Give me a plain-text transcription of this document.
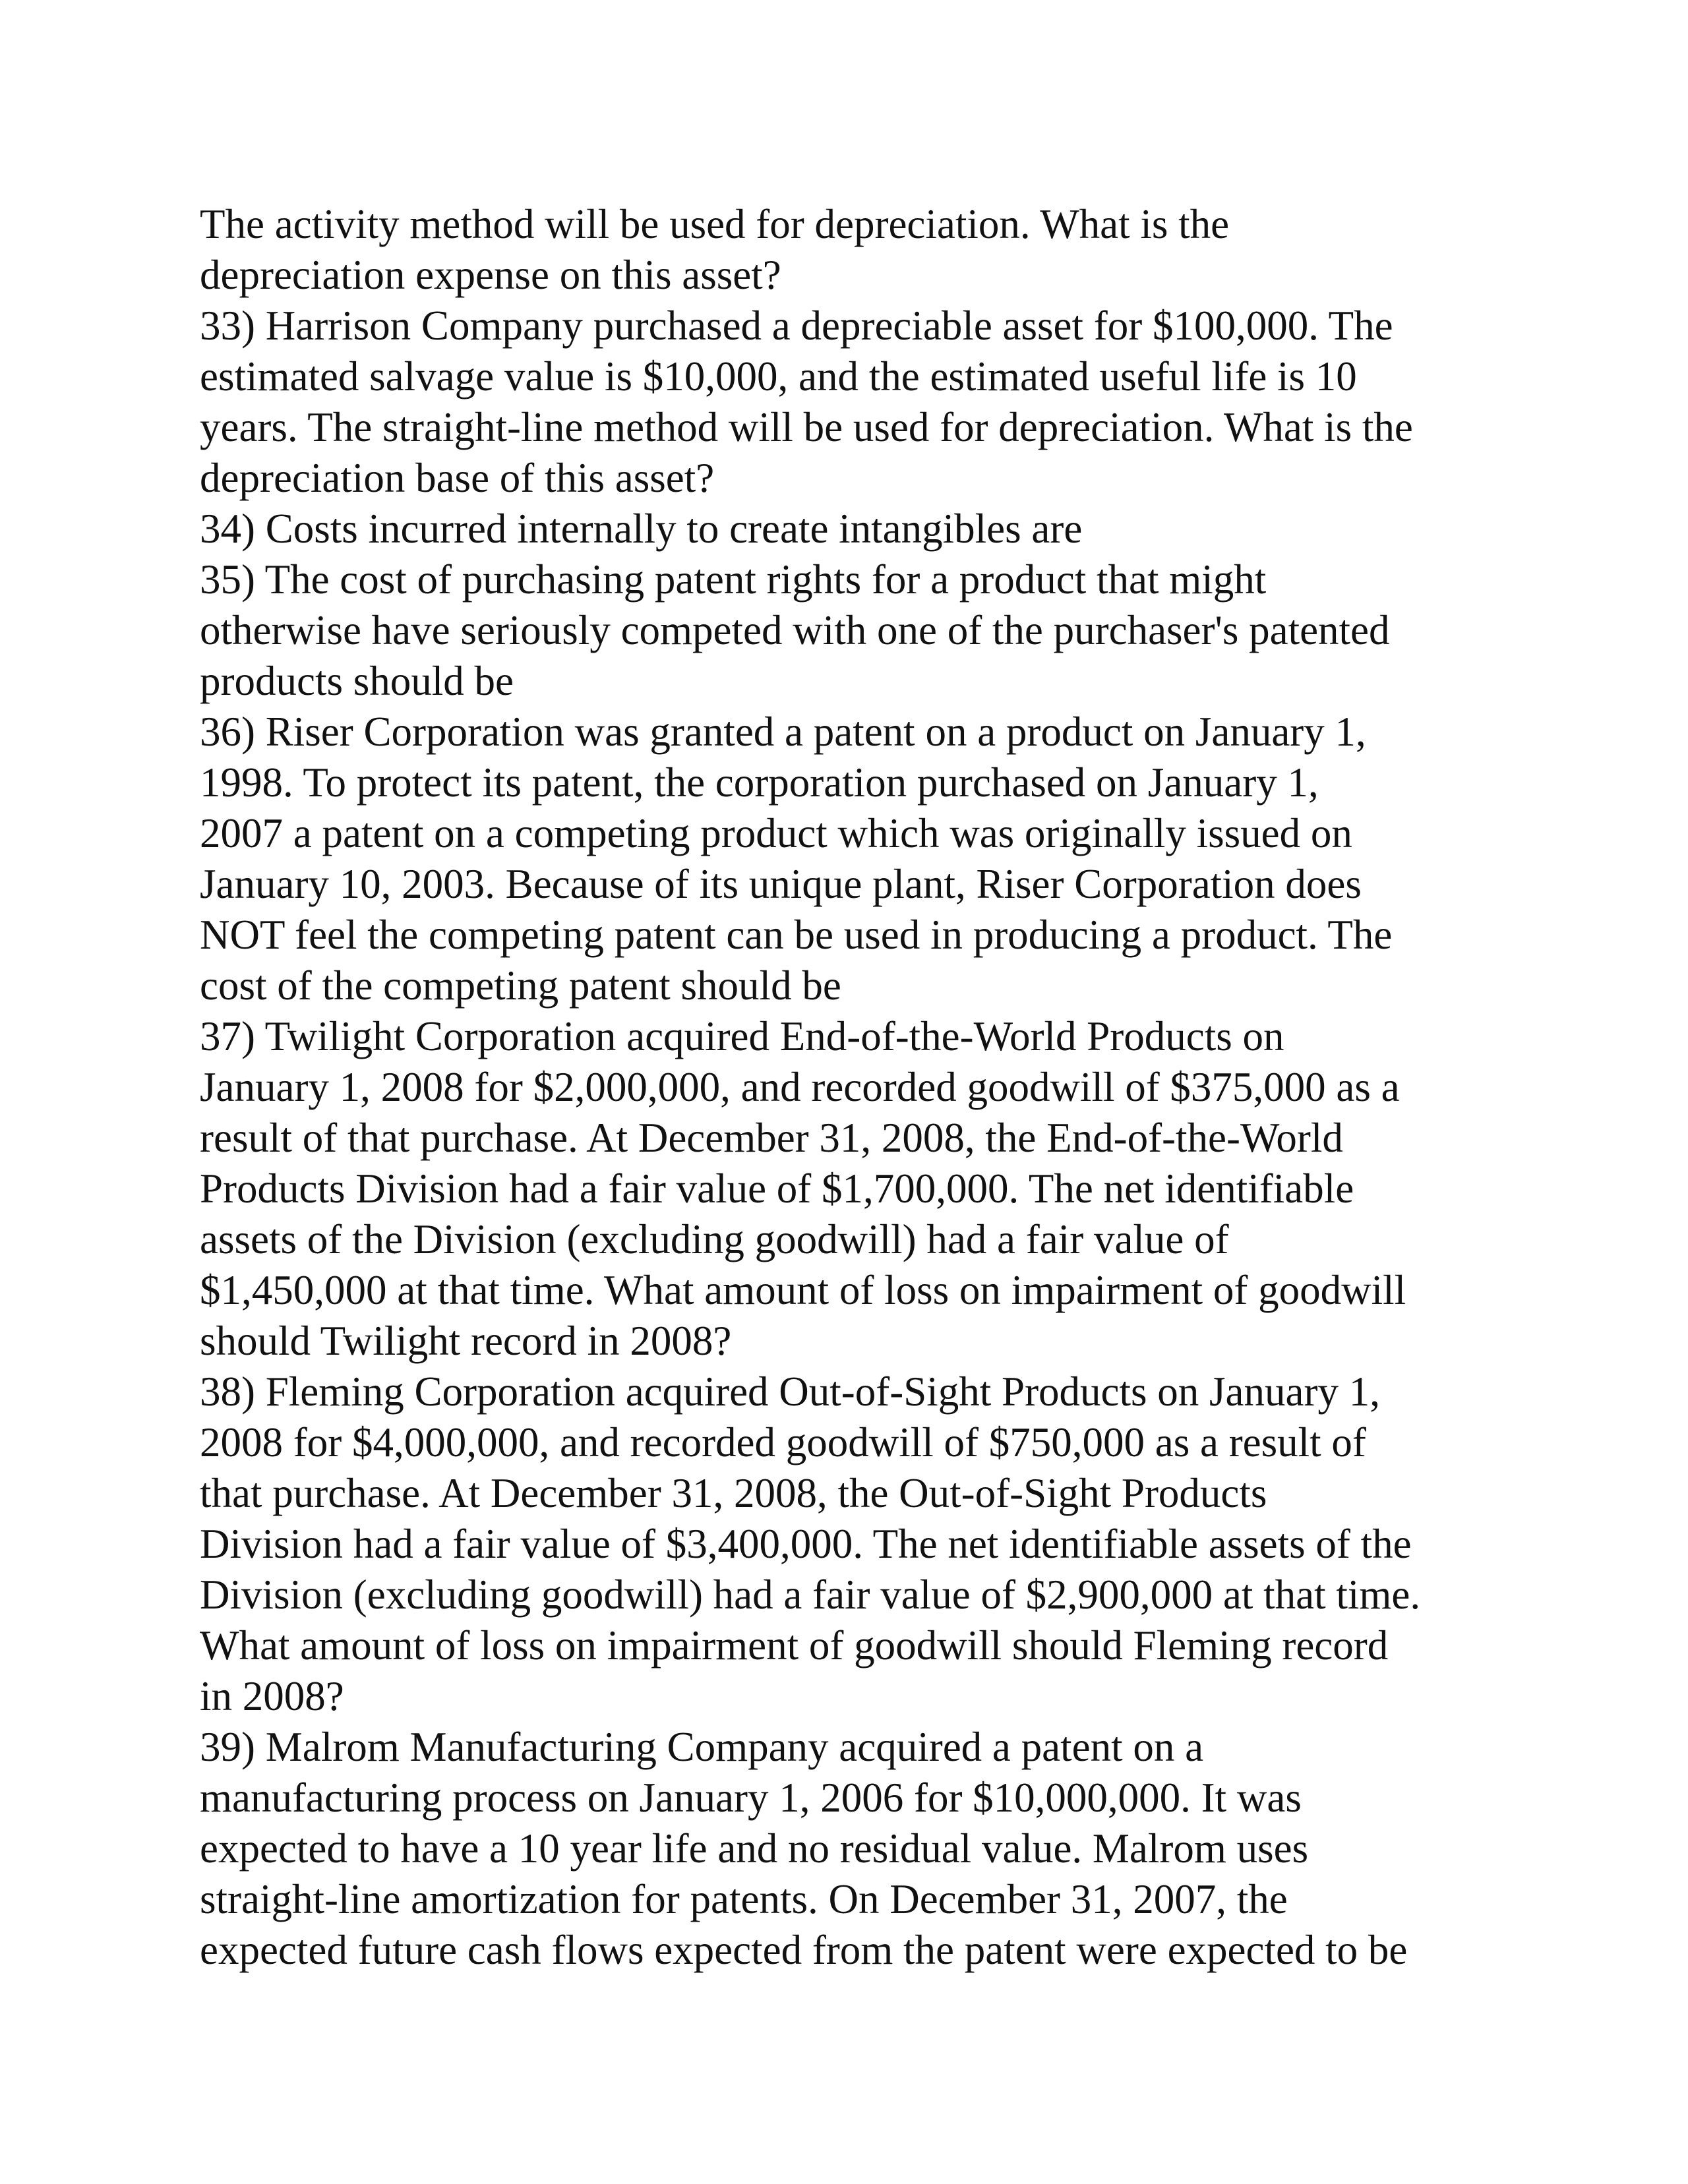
The activity method will be used for depreciation. What is the
depreciation expense on this asset?
33) Harrison Company purchased a depreciable asset for $100,000. The
estimated salvage value is $10,000, and the estimated useful life is 10
years. The straight-line method will be used for depreciation. What is the
depreciation base of this asset?
34) Costs incurred internally to create intangibles are
35) The cost of purchasing patent rights for a product that might
otherwise have seriously competed with one of the purchaser's patented
products should be
36) Riser Corporation was granted a patent on a product on January 1,
1998. To protect its patent, the corporation purchased on January 1,
2007 a patent on a competing product which was originally issued on
January 10, 2003. Because of its unique plant, Riser Corporation does
NOT feel the competing patent can be used in producing a product. The
cost of the competing patent should be
37) Twilight Corporation acquired End-of-the-World Products on
January 1, 2008 for $2,000,000, and recorded goodwill of $375,000 as a
result of that purchase. At December 31, 2008, the End-of-the-World
Products Division had a fair value of $1,700,000. The net identifiable
assets of the Division (excluding goodwill) had a fair value of
$1,450,000 at that time. What amount of loss on impairment of goodwill
should Twilight record in 2008?
38) Fleming Corporation acquired Out-of-Sight Products on January 1,
2008 for $4,000,000, and recorded goodwill of $750,000 as a result of
that purchase. At December 31, 2008, the Out-of-Sight Products
Division had a fair value of $3,400,000. The net identifiable assets of the
Division (excluding goodwill) had a fair value of $2,900,000 at that time.
What amount of loss on impairment of goodwill should Fleming record
in 2008?
39) Malrom Manufacturing Company acquired a patent on a
manufacturing process on January 1, 2006 for $10,000,000. It was
expected to have a 10 year life and no residual value. Malrom uses
straight-line amortization for patents. On December 31, 2007, the
expected future cash flows expected from the patent were expected to be
